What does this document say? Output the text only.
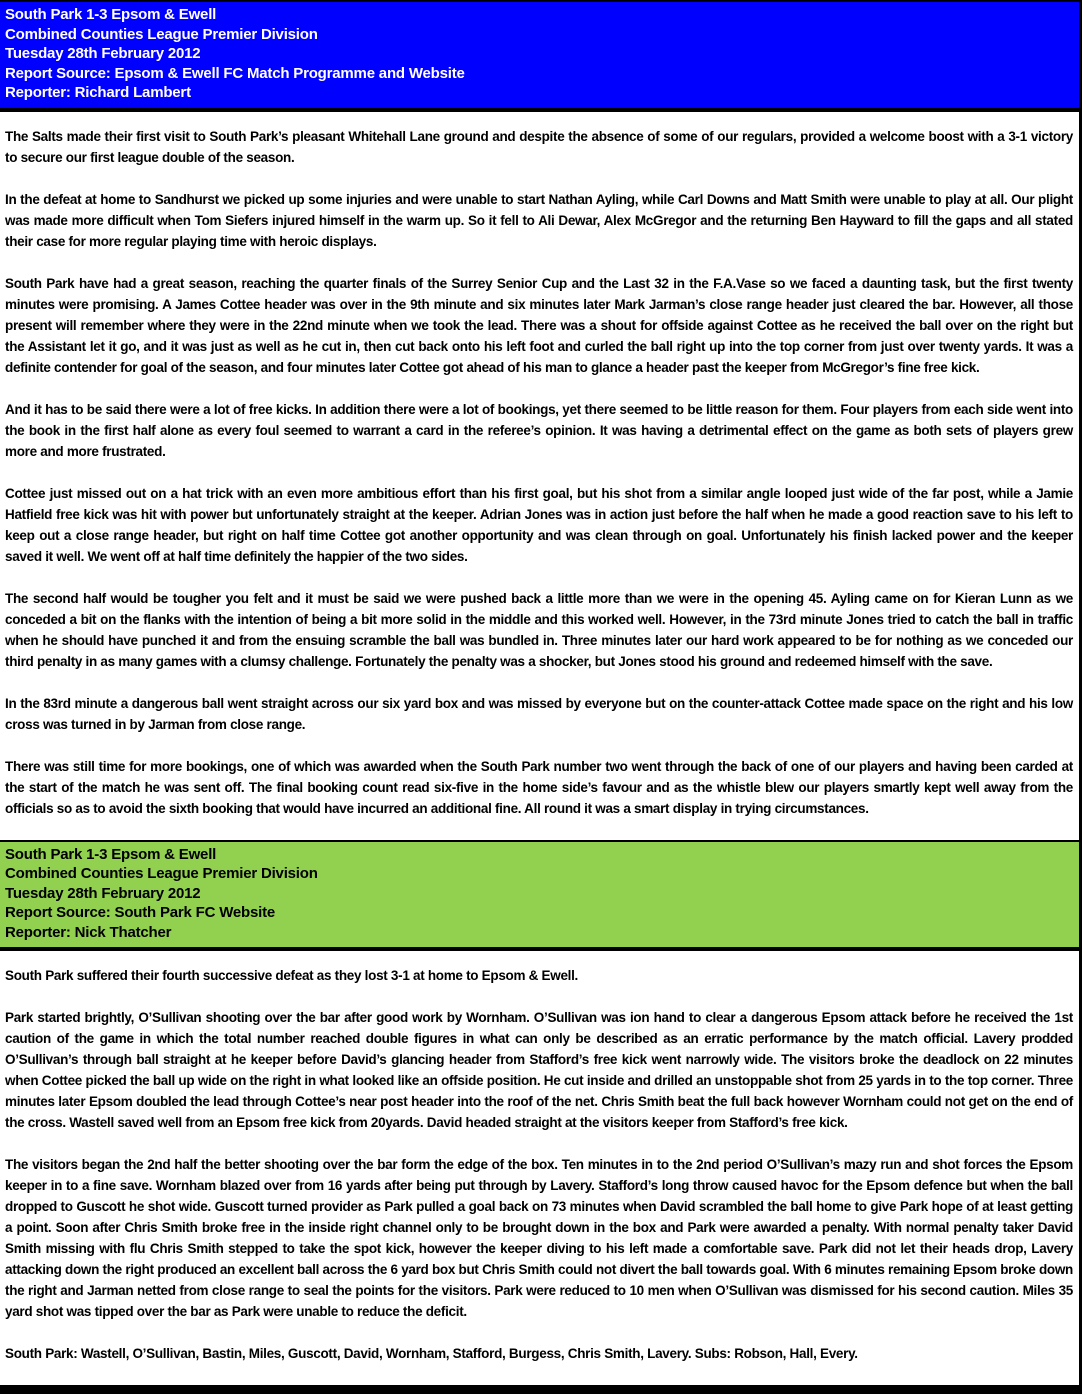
South Park 1-3 Epsom & Ewell
Combined Counties League Premier Division
Tuesday 28th February 2012
Report Source: Epsom & Ewell FC Match Programme and Website
Reporter: Richard Lambert

The Salts made their first visit to South Park’s pleasant Whitehall Lane ground and despite the absence of some of our regulars, provided a welcome boost with a 3-1 victory to secure our first league double of the season.

In the defeat at home to Sandhurst we picked up some injuries and were unable to start Nathan Ayling, while Carl Downs and Matt Smith were unable to play at all. Our plight was made more difficult when Tom Siefers injured himself in the warm up. So it fell to Ali Dewar, Alex McGregor and the returning Ben Hayward to fill the gaps and all stated their case for more regular playing time with heroic displays.

South Park have had a great season, reaching the quarter finals of the Surrey Senior Cup and the Last 32 in the F.A.Vase so we faced a daunting task, but the first twenty minutes were promising. A James Cottee header was over in the 9th minute and six minutes later Mark Jarman’s close range header just cleared the bar. However, all those present will remember where they were in the 22nd minute when we took the lead. There was a shout for offside against Cottee as he received the ball over on the right but the Assistant let it go, and it was just as well as he cut in, then cut back onto his left foot and curled the ball right up into the top corner from just over twenty yards. It was a definite contender for goal of the season, and four minutes later Cottee got ahead of his man to glance a header past the keeper from McGregor’s fine free kick.

And it has to be said there were a lot of free kicks. In addition there were a lot of bookings, yet there seemed to be little reason for them. Four players from each side went into the book in the first half alone as every foul seemed to warrant a card in the referee’s opinion. It was having a detrimental effect on the game as both sets of players grew more and more frustrated.

Cottee just missed out on a hat trick with an even more ambitious effort than his first goal, but his shot from a similar angle looped just wide of the far post, while a Jamie Hatfield free kick was hit with power but unfortunately straight at the keeper. Adrian Jones was in action just before the half when he made a good reaction save to his left to keep out a close range header, but right on half time Cottee got another opportunity and was clean through on goal. Unfortunately his finish lacked power and the keeper saved it well. We went off at half time definitely the happier of the two sides.

The second half would be tougher you felt and it must be said we were pushed back a little more than we were in the opening 45. Ayling came on for Kieran Lunn as we conceded a bit on the flanks with the intention of being a bit more solid in the middle and this worked well. However, in the 73rd minute Jones tried to catch the ball in traffic when he should have punched it and from the ensuing scramble the ball was bundled in. Three minutes later our hard work appeared to be for nothing as we conceded our third penalty in as many games with a clumsy challenge. Fortunately the penalty was a shocker, but Jones stood his ground and redeemed himself with the save.

In the 83rd minute a dangerous ball went straight across our six yard box and was missed by everyone but on the counter-attack Cottee made space on the right and his low cross was turned in by Jarman from close range.

There was still time for more bookings, one of which was awarded when the South Park number two went through the back of one of our players and having been carded at the start of the match he was sent off. The final booking count read six-five in the home side’s favour and as the whistle blew our players smartly kept well away from the officials so as to avoid the sixth booking that would have incurred an additional fine. All round it was a smart display in trying circumstances.

South Park 1-3 Epsom & Ewell
Combined Counties League Premier Division
Tuesday 28th February 2012
Report Source: South Park FC Website
Reporter: Nick Thatcher

South Park suffered their fourth successive defeat as they lost 3-1 at home to Epsom & Ewell.

Park started brightly, O’Sullivan shooting over the bar after good work by Wornham. O’Sullivan was ion hand to clear a dangerous Epsom attack before he received the 1st caution of the game in which the total number reached double figures in what can only be described as an erratic performance by the match official. Lavery prodded O’Sullivan’s through ball straight at he keeper before David’s glancing header from Stafford’s free kick went narrowly wide. The visitors broke the deadlock on 22 minutes when Cottee picked the ball up wide on the right in what looked like an offside position. He cut inside and drilled an unstoppable shot from 25 yards in to the top corner. Three minutes later Epsom doubled the lead through Cottee’s near post header into the roof of the net. Chris Smith beat the full back however Wornham could not get on the end of the cross. Wastell saved well from an Epsom free kick from 20yards. David headed straight at the visitors keeper from Stafford’s free kick.

The visitors began the 2nd half the better shooting over the bar form the edge of the box. Ten minutes in to the 2nd period O’Sullivan’s mazy run and shot forces the Epsom keeper in to a fine save. Wornham blazed over from 16 yards after being put through by Lavery. Stafford’s long throw caused havoc for the Epsom defence but when the ball dropped to Guscott he shot wide. Guscott turned provider as Park pulled a goal back on 73 minutes when David scrambled the ball home to give Park hope of at least getting a point. Soon after Chris Smith broke free in the inside right channel only to be brought down in the box and Park were awarded a penalty. With normal penalty taker David Smith missing with flu Chris Smith stepped to take the spot kick, however the keeper diving to his left made a comfortable save. Park did not let their heads drop, Lavery attacking down the right produced an excellent ball across the 6 yard box but Chris Smith could not divert the ball towards goal. With 6 minutes remaining Epsom broke down the right and Jarman netted from close range to seal the points for the visitors. Park were reduced to 10 men when O’Sullivan was dismissed for his second caution. Miles 35 yard shot was tipped over the bar as Park were unable to reduce the deficit.

South Park: Wastell, O’Sullivan, Bastin, Miles, Guscott, David, Wornham, Stafford, Burgess, Chris Smith, Lavery. Subs: Robson, Hall, Every.
